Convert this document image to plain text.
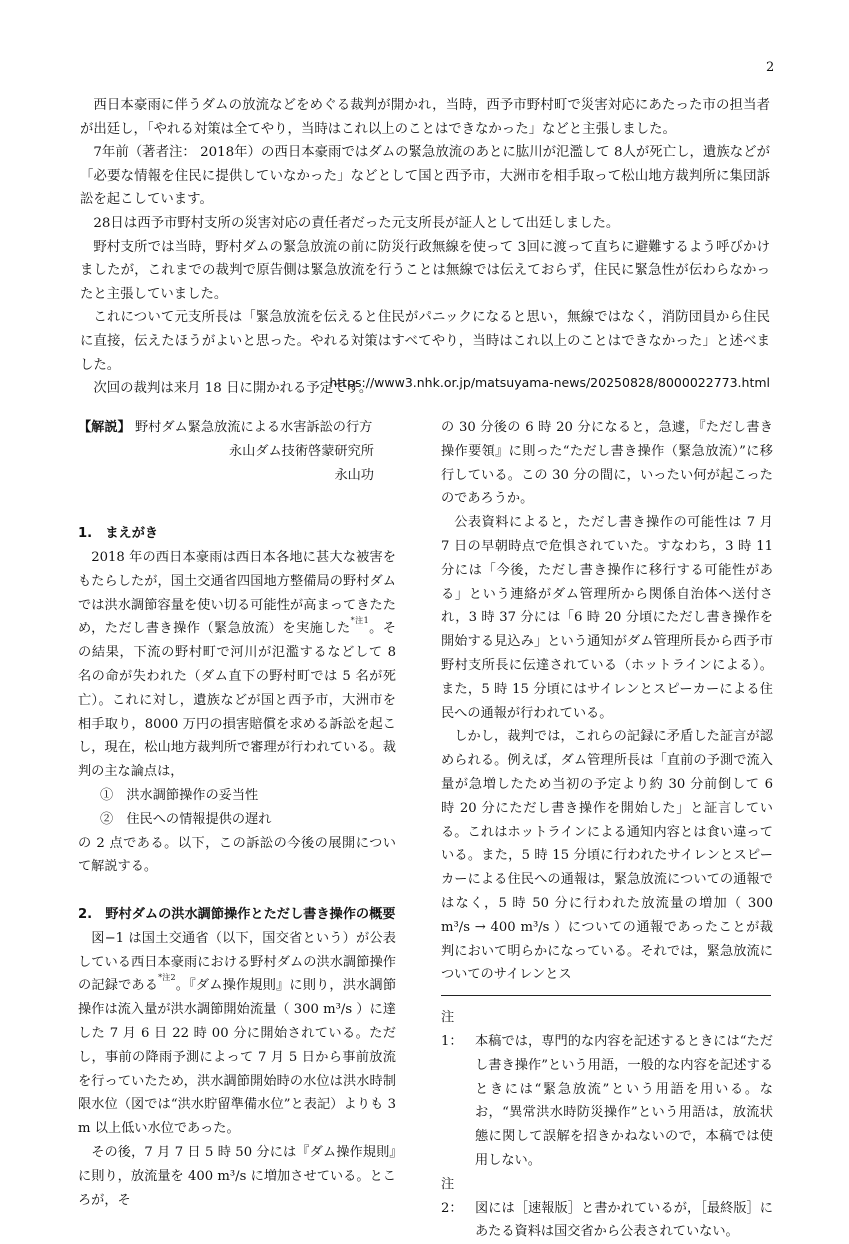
2

西日本豪雨に伴うダムの放流などをめぐる裁判が開かれ，当時，西予市野村町で災害対応にあたった市の担当者が出廷し，「やれる対策は全てやり，当時はこれ以上のことはできなかった」などと主張しました。

7年前（著者注： 2018年）の西日本豪雨ではダムの緊急放流のあとに肱川が氾濫して 8人が死亡し，遺族などが「必要な情報を住民に提供していなかった」などとして国と西予市，大洲市を相手取って松山地方裁判所に集団訴訟を起こしています。

28日は西予市野村支所の災害対応の責任者だった元支所長が証人として出廷しました。

野村支所では当時，野村ダムの緊急放流の前に防災行政無線を使って 3回に渡って直ちに避難するよう呼びかけましたが，これまでの裁判で原告側は緊急放流を行うことは無線では伝えておらず，住民に緊急性が伝わらなかったと主張していました。

これについて元支所長は「緊急放流を伝えると住民がパニックになると思い，無線ではなく，消防団員から住民に直接，伝えたほうがよいと思った。やれる対策はすべてやり，当時はこれ以上のことはできなかった」と述べました。

次回の裁判は来月 18 日に開かれる予定です。

https://www3.nhk.or.jp/matsuyama-news/20250828/8000022773.html
【解説】 野村ダム緊急放流による水害訴訟の行方
永山ダム技術啓蒙研究所
永山功

1.　まえがき

2018 年の西日本豪雨は西日本各地に甚大な被害をもたらしたが，国土交通省四国地方整備局の野村ダムでは洪水調節容量を使い切る可能性が高まってきたため，ただし書き操作（緊急放流）を実施した$^{*注1}$。その結果，下流の野村町で河川が氾濫するなどして 8 名の命が失われた（ダム直下の野村町では 5 名が死亡）。これに対し，遺族などが国と西予市，大洲市を相手取り，8000 万円の損害賠償を求める訴訟を起こし，現在，松山地方裁判所で審理が行われている。裁判の主な論点は，

①　洪水調節操作の妥当性
②　住民への情報提供の遅れ

の 2 点である。以下，この訴訟の今後の展開について解説する。

2.　野村ダムの洪水調節操作とただし書き操作の概要

図−1 は国土交通省（以下，国交省という）が公表している西日本豪雨における野村ダムの洪水調節操作の記録である$^{*注2}$。『ダム操作規則』に則り，洪水調節操作は流入量が洪水調節開始流量（ 300 m³/s ）に達した 7 月 6 日 22 時 00 分に開始されている。ただし，事前の降雨予測によって 7 月 5 日から事前放流を行っていたため，洪水調節開始時の水位は洪水時制限水位（図では“洪水貯留準備水位”と表記）よりも 3 m 以上低い水位であった。

その後，7 月 7 日 5 時 50 分には『ダム操作規則』に則り，放流量を 400 m³/s に増加させている。ところが，そ

の 30 分後の 6 時 20 分になると，急遽，『ただし書き操作要領』に則った“ただし書き操作（緊急放流）”に移行している。この 30 分の間に，いったい何が起こったのであろうか。

公表資料によると，ただし書き操作の可能性は 7 月 7 日の早朝時点で危惧されていた。すなわち，3 時 11 分には「今後，ただし書き操作に移行する可能性がある」という連絡がダム管理所から関係自治体へ送付され，3 時 37 分には「6 時 20 分頃にただし書き操作を開始する見込み」という通知がダム管理所長から西予市野村支所長に伝達されている（ホットラインによる）。また，5 時 15 分頃にはサイレンとスピーカーによる住民への通報が行われている。

しかし，裁判では，これらの記録に矛盾した証言が認められる。例えば，ダム管理所長は「直前の予測で流入量が急増したため当初の予定より約 30 分前倒して 6 時 20 分にただし書き操作を開始した」と証言している。これはホットラインによる通知内容とは食い違っている。また，5 時 15 分頃に行われたサイレンとスピーカーによる住民への通報は，緊急放流についての通報ではなく，5 時 50 分に行われた放流量の増加（ 300 m³/s → 400 m³/s ）についての通報であったことが裁判において明らかになっている。それでは，緊急放流についてのサイレンとス

注 1： 本稿では，専門的な内容を記述するときには“ただし書き操作”という用語，一般的な内容を記述するときには“緊急放流”という用語を用いる。なお，“異常洪水時防災操作”という用語は，放流状態に関して誤解を招きかねないので，本稿では使用しない。

注 2： 図には［速報版］と書かれているが，［最終版］にあたる資料は国交省から公表されていない。
